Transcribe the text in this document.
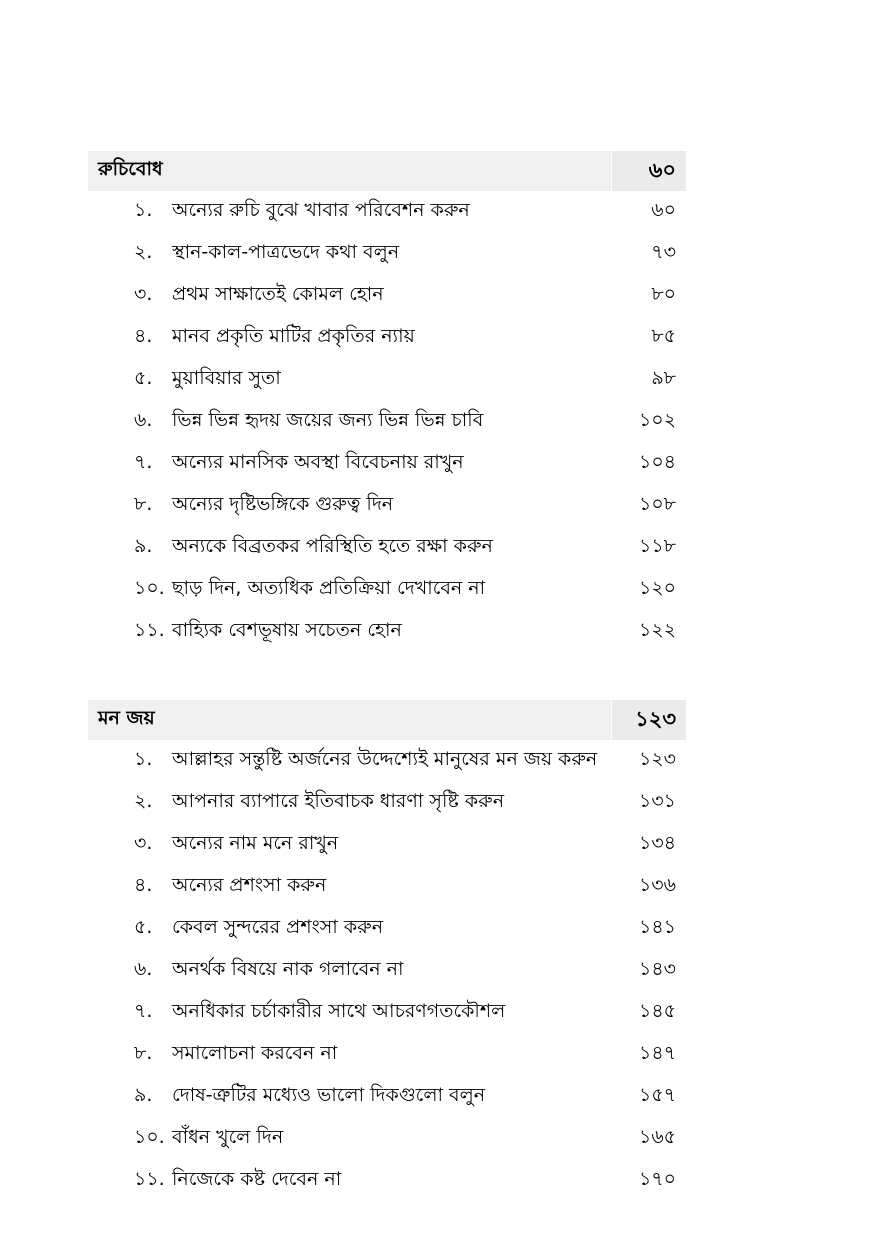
রুচিবোধ	৬০
১.	অন্যের রুচি বুঝে খাবার পরিবেশন করুন	৬০
২.	স্থান-কাল-পাত্রভেদে কথা বলুন	৭৩
৩.	প্রথম সাক্ষাতেই কোমল হোন	৮০
৪.	মানব প্রকৃতি মাটির প্রকৃতির ন্যায়	৮৫
৫.	মুয়াবিয়ার সুতা	৯৮
৬.	ভিন্ন ভিন্ন হৃদয় জয়ের জন্য ভিন্ন ভিন্ন চাবি	১০২
৭.	অন্যের মানসিক অবস্থা বিবেচনায় রাখুন	১০৪
৮.	অন্যের দৃষ্টিভঙ্গিকে গুরুত্ব দিন	১০৮
৯.	অন্যকে বিব্রতকর পরিস্থিতি হতে রক্ষা করুন	১১৮
১০. ছাড় দিন, অত্যধিক প্রতিক্রিয়া দেখাবেন না	১২০
১১. বাহ্যিক বেশভূষায় সচেতন হোন	১২২
মন জয়	১২৩
১.	আল্লাহর সন্তুষ্টি অর্জনের উদ্দেশ্যেই মানুষের মন জয় করুন ১২৩
২.	আপনার ব্যাপারে ইতিবাচক ধারণা সৃষ্টি করুন	১৩১
৩.	অন্যের নাম মনে রাখুন	১৩৪
৪.	অন্যের প্রশংসা করুন	১৩৬
৫.	কেবল সুন্দরের প্রশংসা করুন	১৪১
৬.	অনর্থক বিষয়ে নাক গলাবেন না	১৪৩
৭.	অনধিকার চর্চাকারীর সাথে আচরণগতকৌশল	১৪৫
৮.	সমালোচনা করবেন না	১৪৭
৯.	দোষ-ত্রুটির মধ্যেও ভালো দিকগুলো বলুন	১৫৭
১০. বাঁধন খুলে দিন	১৬৫
১১. নিজেকে কষ্ট দেবেন না	১৭০
